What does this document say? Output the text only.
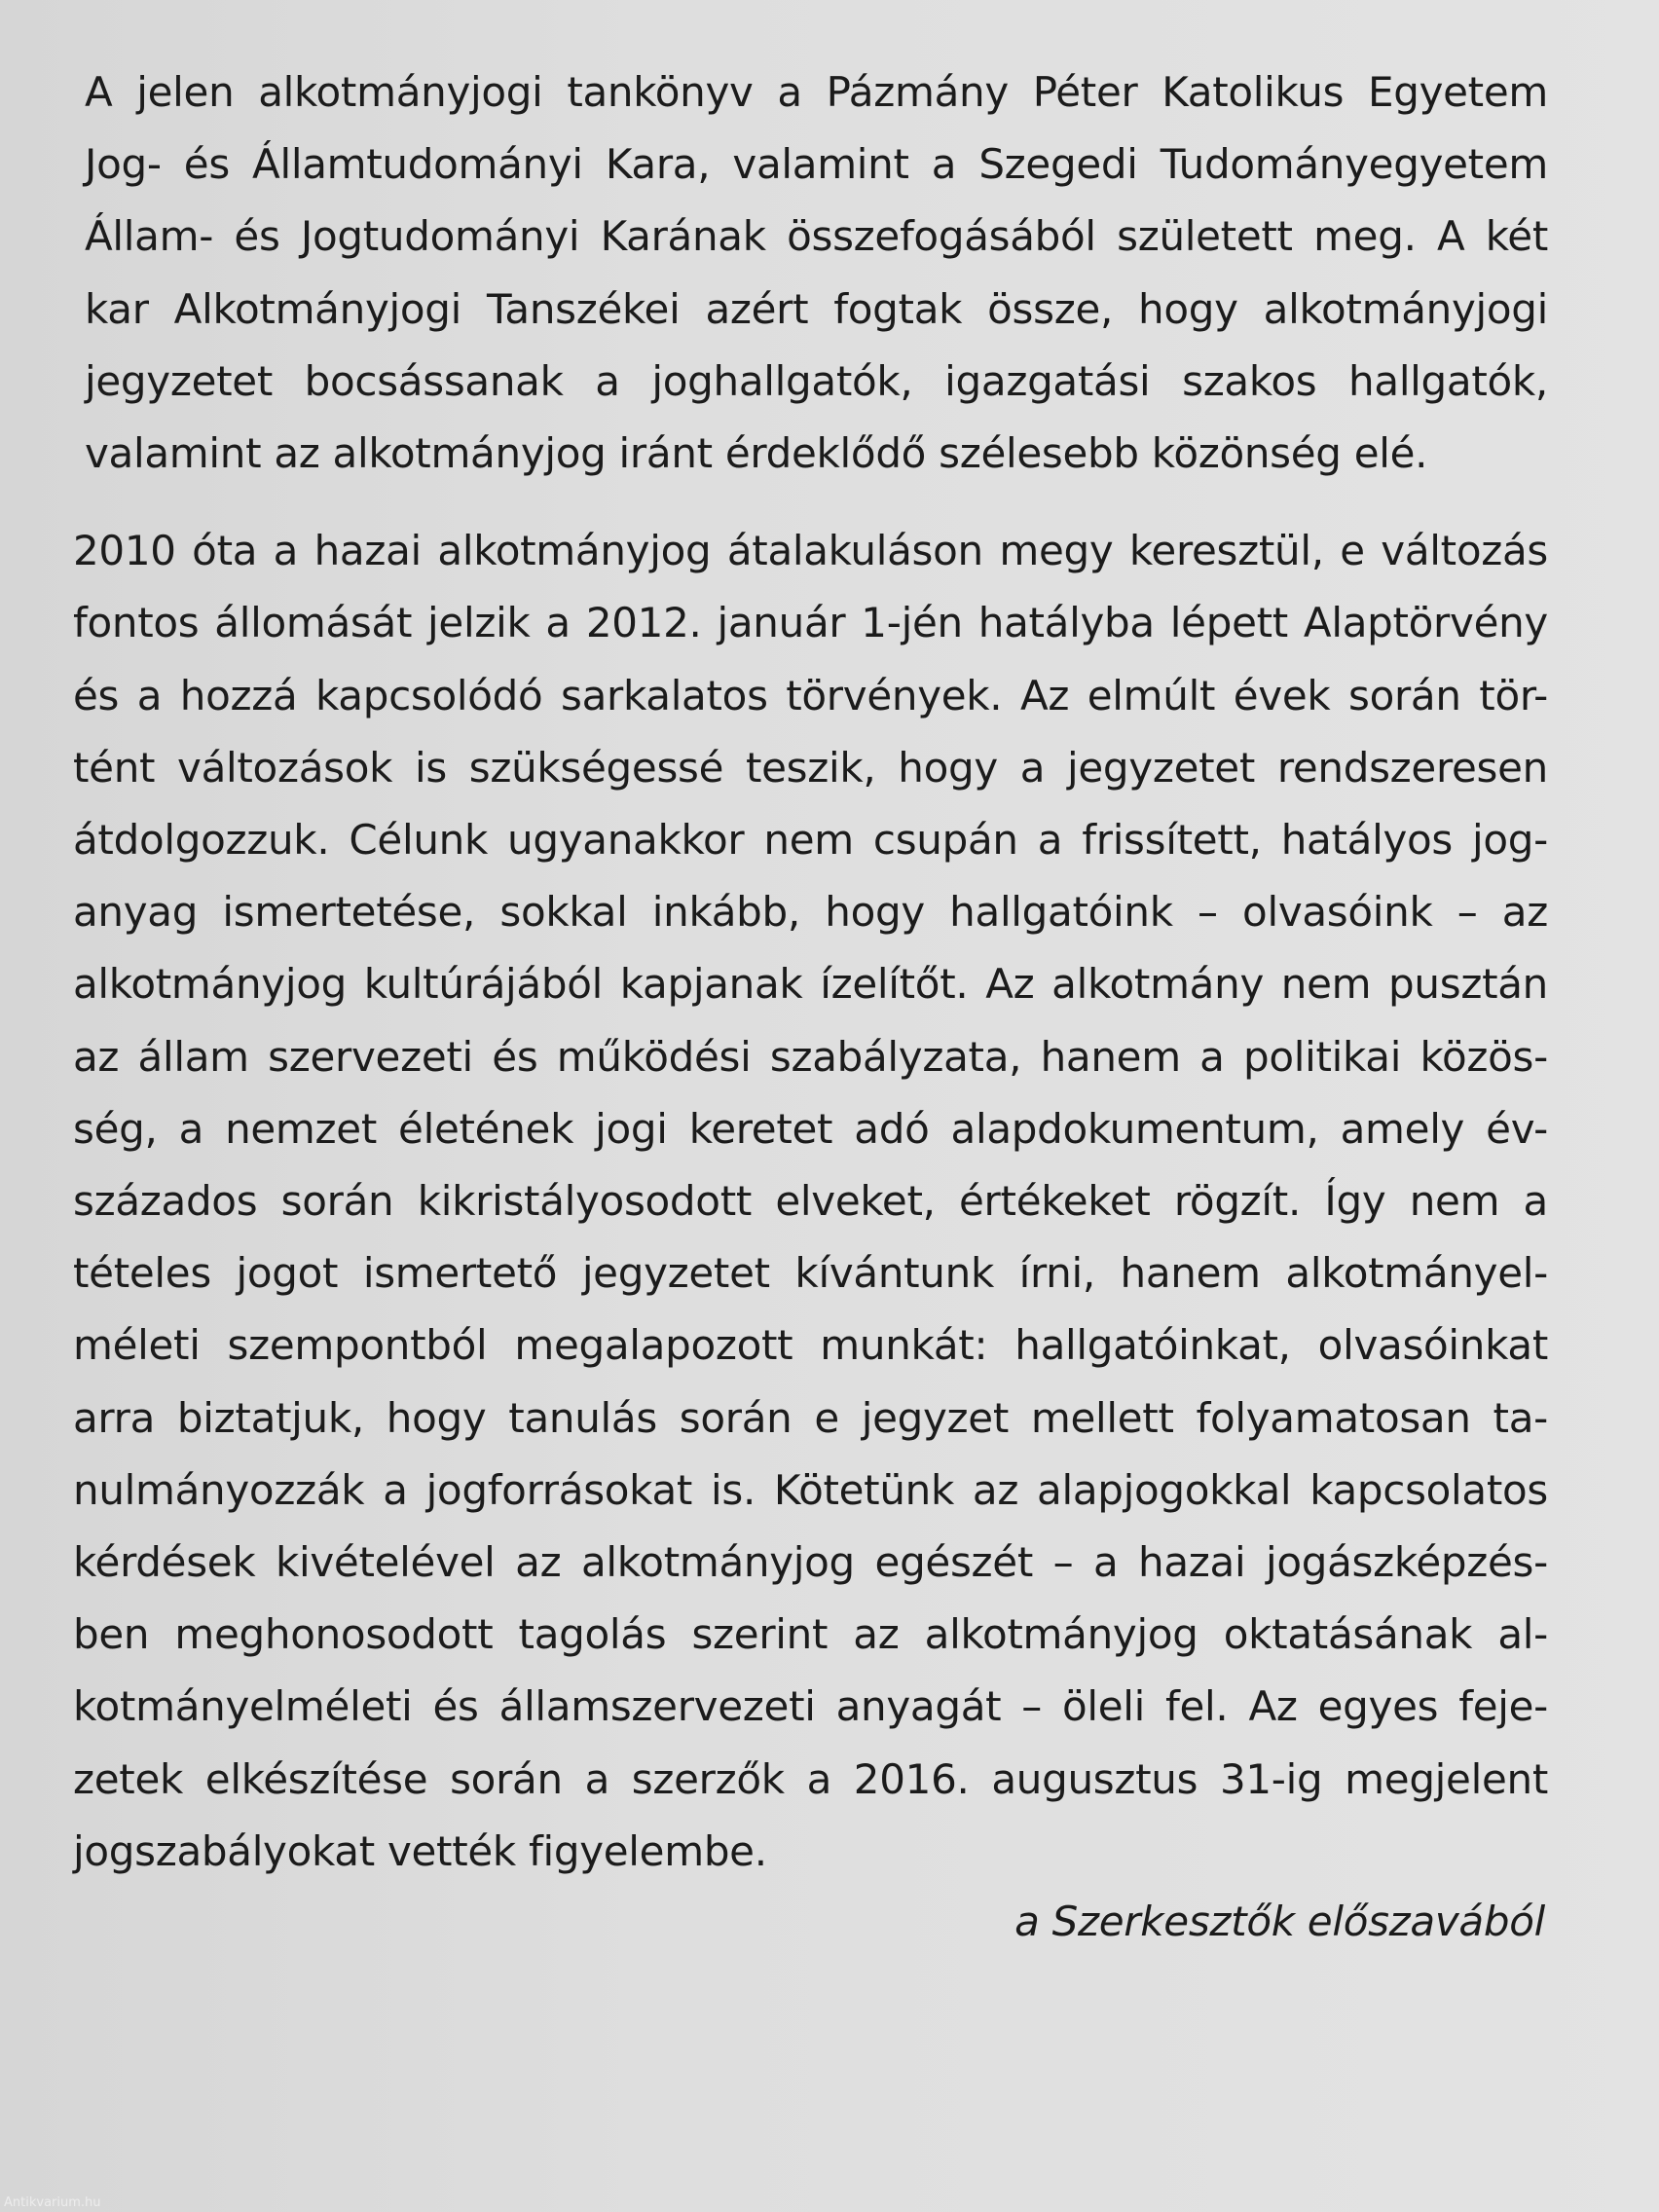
A jelen alkotmányjogi tankönyv a Pázmány Péter Katolikus Egyetem
Jog- és Államtudományi Kara, valamint a Szegedi Tudományegyetem
Állam- és Jogtudományi Karának összefogásából született meg. A két
kar Alkotmányjogi Tanszékei azért fogtak össze, hogy alkotmányjogi
jegyzetet bocsássanak a joghallgatók, igazgatási szakos hallgatók,
valamint az alkotmányjog iránt érdeklődő szélesebb közönség elé.

2010 óta a hazai alkotmányjog átalakuláson megy keresztül, e változás
fontos állomását jelzik a 2012. január 1-jén hatályba lépett Alaptörvény
és a hozzá kapcsolódó sarkalatos törvények. Az elmúlt évek során tör-
tént változások is szükségessé teszik, hogy a jegyzetet rendszeresen
átdolgozzuk. Célunk ugyanakkor nem csupán a frissített, hatályos jog-
anyag ismertetése, sokkal inkább, hogy hallgatóink – olvasóink – az
alkotmányjog kultúrájából kapjanak ízelítőt. Az alkotmány nem pusztán
az állam szervezeti és működési szabályzata, hanem a politikai közös-
ség, a nemzet életének jogi keretet adó alapdokumentum, amely év-
százados során kikristályosodott elveket, értékeket rögzít. Így nem a
tételes jogot ismertető jegyzetet kívántunk írni, hanem alkotmányel-
méleti szempontból megalapozott munkát: hallgatóinkat, olvasóinkat
arra biztatjuk, hogy tanulás során e jegyzet mellett folyamatosan ta-
nulmányozzák a jogforrásokat is. Kötetünk az alapjogokkal kapcsolatos
kérdések kivételével az alkotmányjog egészét – a hazai jogászképzés-
ben meghonosodott tagolás szerint az alkotmányjog oktatásának al-
kotmányelméleti és államszervezeti anyagát – öleli fel. Az egyes feje-
zetek elkészítése során a szerzők a 2016. augusztus 31-ig megjelent
jogszabályokat vették figyelembe.

a Szerkesztők előszavából
Antikvarium.hu
